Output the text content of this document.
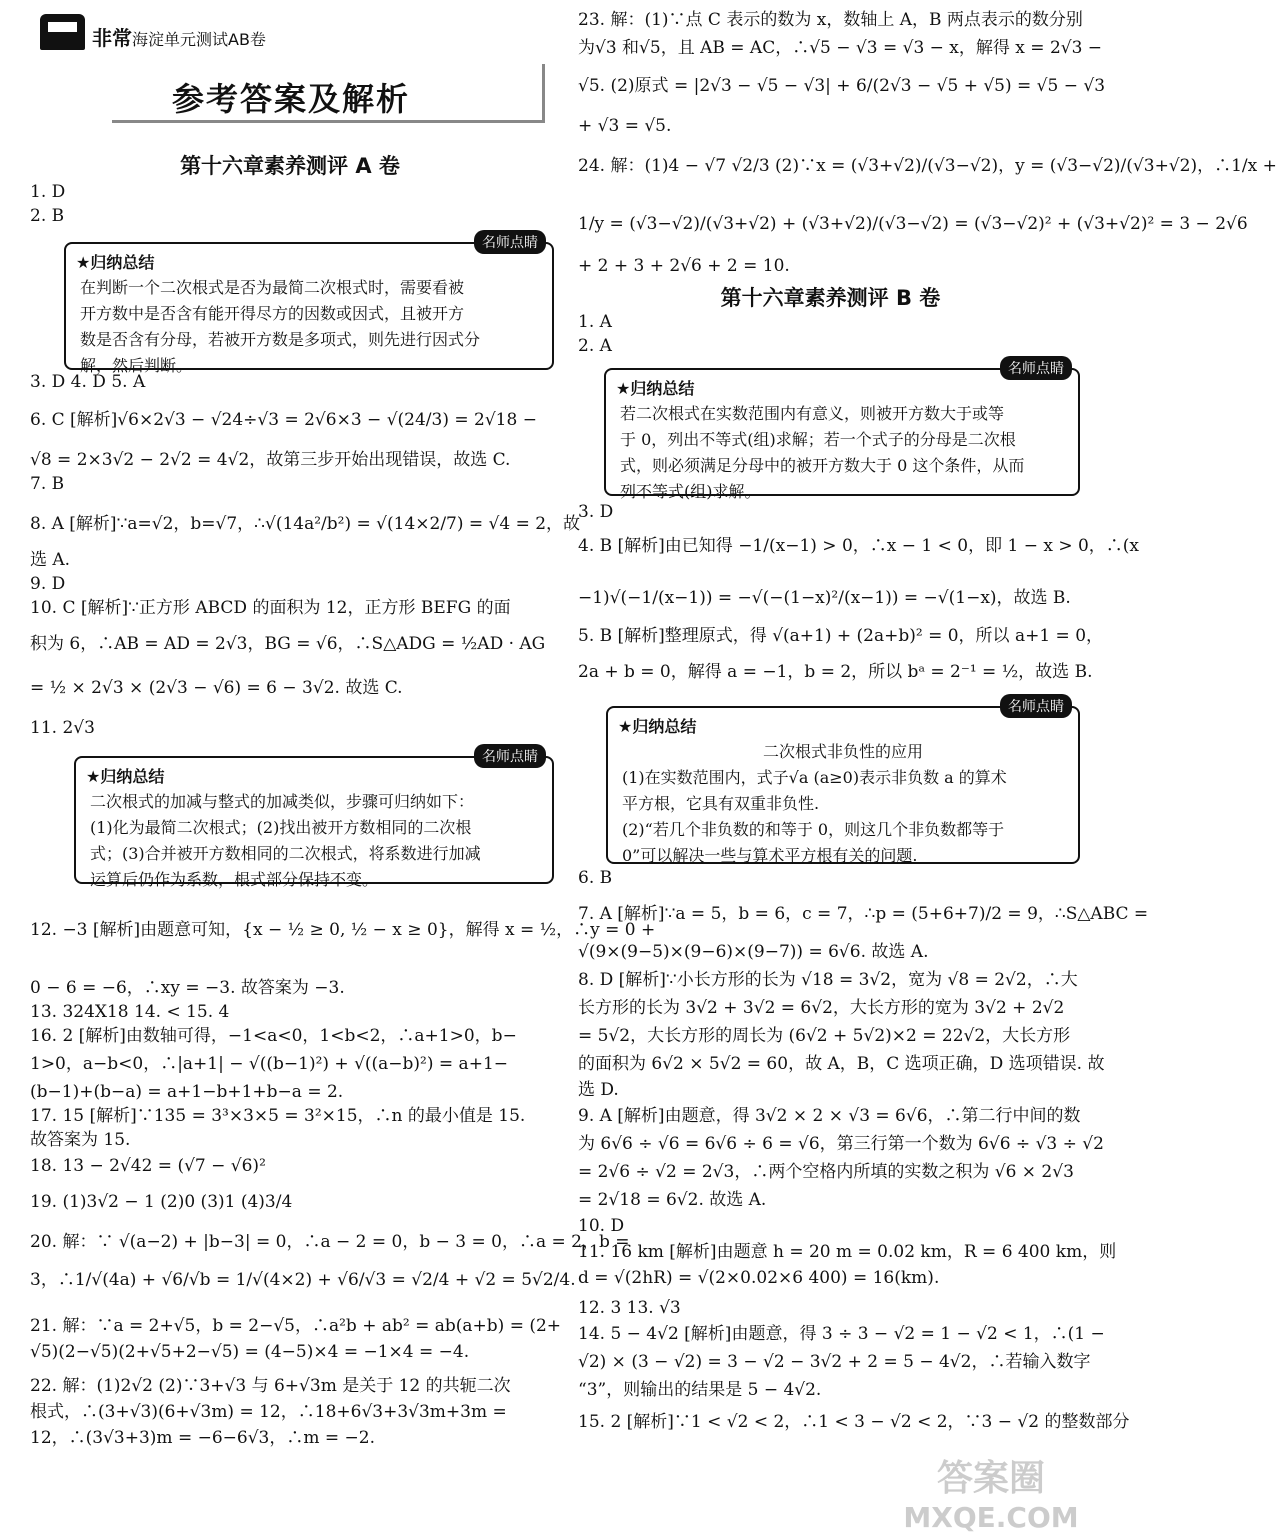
非常海淀单元测试AB卷
参考答案及解析
第十六章素养测评 A 卷
1. D
2. B
名师点睛
★归纳总结
在判断一个二次根式是否为最简二次根式时，需要看被
开方数中是否含有能开得尽方的因数或因式，且被开方
数是否含有分母，若被开方数是多项式，则先进行因式分
解，然后判断。
3. D 4. D 5. A
6. C [解析]√6×2√3 − √24÷√3 = 2√6×3 − √(24/3) = 2√18 −
√8 = 2×3√2 − 2√2 = 4√2，故第三步开始出现错误，故选 C.
7. B
8. A [解析]∵a=√2，b=√7，∴√(14a²/b²) = √(14×2/7) = √4 = 2，故
选 A.
9. D
10. C [解析]∵正方形 ABCD 的面积为 12，正方形 BEFG 的面
积为 6，∴AB = AD = 2√3，BG = √6，∴S△ADG = ½AD · AG
= ½ × 2√3 × (2√3 − √6) = 6 − 3√2. 故选 C.
11. 2√3
名师点睛
★归纳总结
二次根式的加减与整式的加减类似，步骤可归纳如下：
(1)化为最简二次根式；(2)找出被开方数相同的二次根
式；(3)合并被开方数相同的二次根式，将系数进行加减
运算后仍作为系数，根式部分保持不变。
12. −3 [解析]由题意可知，{x − ½ ≥ 0, ½ − x ≥ 0}，解得 x = ½，∴y = 0 +
0 − 6 = −6，∴xy = −3. 故答案为 −3.
13. 324X18 14. < 15. 4
16. 2 [解析]由数轴可得，−1<a<0，1<b<2，∴a+1>0，b−
1>0，a−b<0，∴|a+1| − √((b−1)²) + √((a−b)²) = a+1−
(b−1)+(b−a) = a+1−b+1+b−a = 2.
17. 15 [解析]∵135 = 3³×3×5 = 3²×15，∴n 的最小值是 15.
故答案为 15.
18. 13 − 2√42 = (√7 − √6)²
19. (1)3√2 − 1 (2)0 (3)1 (4)3/4
20. 解：∵ √(a−2) + |b−3| = 0，∴a − 2 = 0，b − 3 = 0，∴a = 2，b =
3，∴1/√(4a) + √6/√b = 1/√(4×2) + √6/√3 = √2/4 + √2 = 5√2/4.
21. 解：∵a = 2+√5，b = 2−√5，∴a²b + ab² = ab(a+b) = (2+
√5)(2−√5)(2+√5+2−√5) = (4−5)×4 = −1×4 = −4.
22. 解：(1)2√2 (2)∵3+√3 与 6+√3m 是关于 12 的共轭二次
根式，∴(3+√3)(6+√3m) = 12，∴18+6√3+3√3m+3m =
12，∴(3√3+3)m = −6−6√3，∴m = −2.
23. 解：(1)∵点 C 表示的数为 x，数轴上 A，B 两点表示的数分别
为√3 和√5，且 AB = AC，∴√5 − √3 = √3 − x，解得 x = 2√3 −
√5. (2)原式 = |2√3 − √5 − √3| + 6/(2√3 − √5 + √5) = √5 − √3
+ √3 = √5.
24. 解：(1)4 − √7 √2/3 (2)∵x = (√3+√2)/(√3−√2)，y = (√3−√2)/(√3+√2)，∴1/x +
1/y = (√3−√2)/(√3+√2) + (√3+√2)/(√3−√2) = (√3−√2)² + (√3+√2)² = 3 − 2√6
+ 2 + 3 + 2√6 + 2 = 10.
第十六章素养测评 B 卷
1. A
2. A
名师点睛
★归纳总结
若二次根式在实数范围内有意义，则被开方数大于或等
于 0，列出不等式(组)求解；若一个式子的分母是二次根
式，则必须满足分母中的被开方数大于 0 这个条件，从而
列不等式(组)求解。
3. D
4. B [解析]由已知得 −1/(x−1) > 0，∴x − 1 < 0，即 1 − x > 0，∴(x
−1)√(−1/(x−1)) = −√(−(1−x)²/(x−1)) = −√(1−x)，故选 B.
5. B [解析]整理原式，得 √(a+1) + (2a+b)² = 0，所以 a+1 = 0，
2a + b = 0，解得 a = −1，b = 2，所以 bᵃ = 2⁻¹ = ½，故选 B.
名师点睛
★归纳总结
二次根式非负性的应用
(1)在实数范围内，式子√a (a≥0)表示非负数 a 的算术
平方根，它具有双重非负性.
(2)“若几个非负数的和等于 0，则这几个非负数都等于
0”可以解决一些与算术平方根有关的问题.
6. B
7. A [解析]∵a = 5，b = 6，c = 7，∴p = (5+6+7)/2 = 9，∴S△ABC =
√(9×(9−5)×(9−6)×(9−7)) = 6√6. 故选 A.
8. D [解析]∵小长方形的长为 √18 = 3√2，宽为 √8 = 2√2，∴大
长方形的长为 3√2 + 3√2 = 6√2，大长方形的宽为 3√2 + 2√2
= 5√2，大长方形的周长为 (6√2 + 5√2)×2 = 22√2，大长方形
的面积为 6√2 × 5√2 = 60，故 A，B，C 选项正确，D 选项错误. 故
选 D.
9. A [解析]由题意，得 3√2 × 2 × √3 = 6√6，∴第二行中间的数
为 6√6 ÷ √6 = 6√6 ÷ 6 = √6，第三行第一个数为 6√6 ÷ √3 ÷ √2
= 2√6 ÷ √2 = 2√3，∴两个空格内所填的实数之积为 √6 × 2√3
= 2√18 = 6√2. 故选 A.
10. D
11. 16 km [解析]由题意 h = 20 m = 0.02 km，R = 6 400 km，则
d = √(2hR) = √(2×0.02×6 400) = 16(km).
12. 3 13. √3
14. 5 − 4√2 [解析]由题意，得 3 ÷ 3 − √2 = 1 − √2 < 1，∴(1 −
√2) × (3 − √2) = 3 − √2 − 3√2 + 2 = 5 − 4√2，∴若输入数字
“3”，则输出的结果是 5 − 4√2.
15. 2 [解析]∵1 < √2 < 2，∴1 < 3 − √2 < 2，∵3 − √2 的整数部分
答案圈
MXQE.COM
